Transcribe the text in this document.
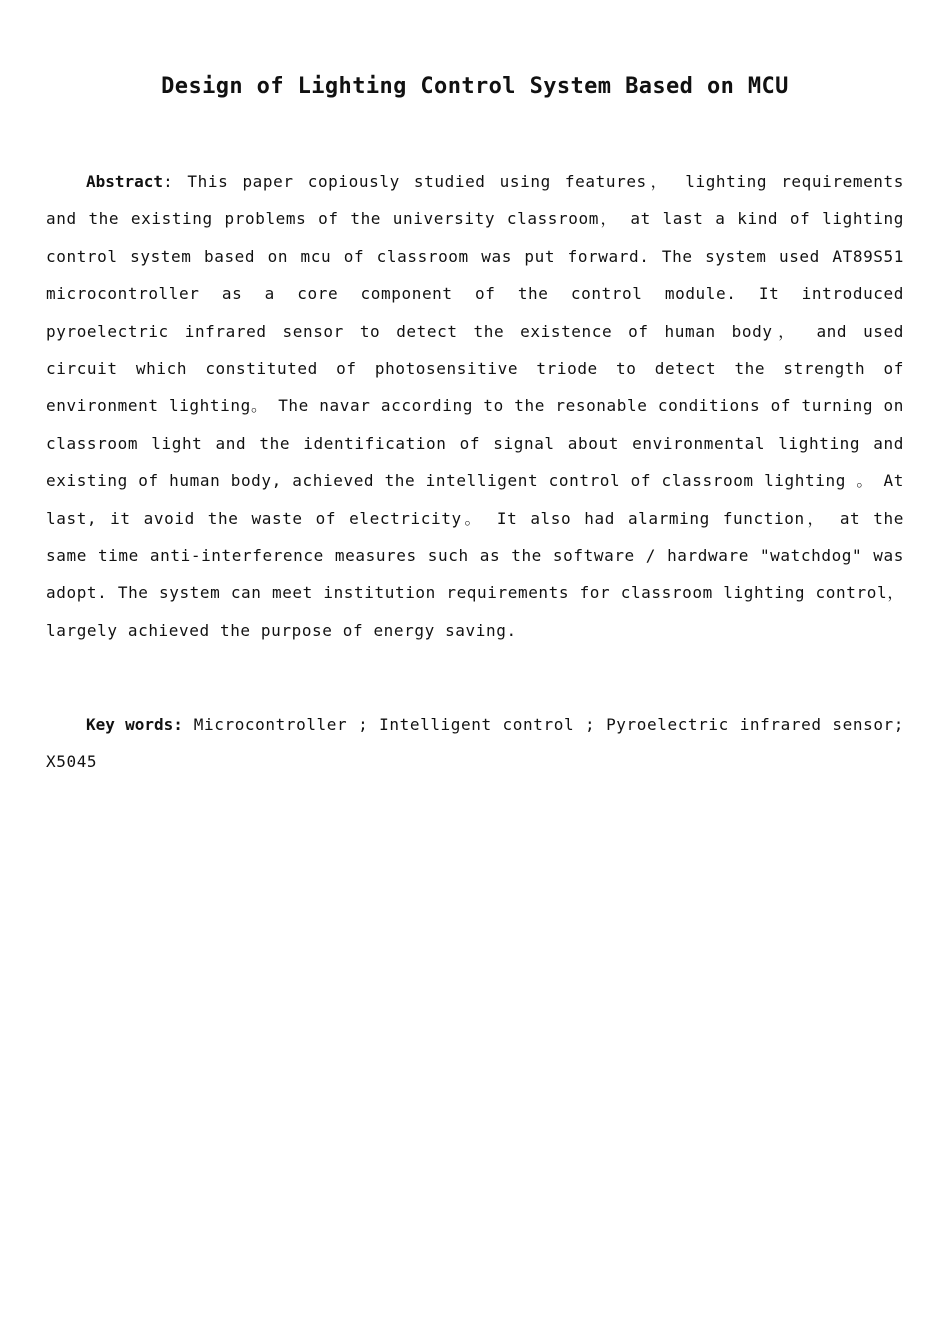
Design of Lighting Control System Based on MCU

Abstract: This paper copiously studied using features， lighting requirements and the existing problems of the university classroom， at last a kind of lighting control system based on mcu of classroom was put forward. The system used AT89S51 microcontroller as a core component of the control module. It introduced pyroelectric infrared sensor to detect the existence of human body， and used circuit which constituted of photosensitive triode to detect the strength of environment lighting。 The navar according to the resonable conditions of turning on classroom light and the identification of signal about environmental lighting and existing of human body, achieved the intelligent control of classroom lighting 。 At last, it avoid the waste of electricity。 It also had alarming function， at the same time anti-interference measures such as the software / hardware "watchdog" was adopt. The system can meet institution requirements for classroom lighting control， largely achieved the purpose of energy saving.

Key words: Microcontroller ; Intelligent control ; Pyroelectric infrared sensor; X5045
